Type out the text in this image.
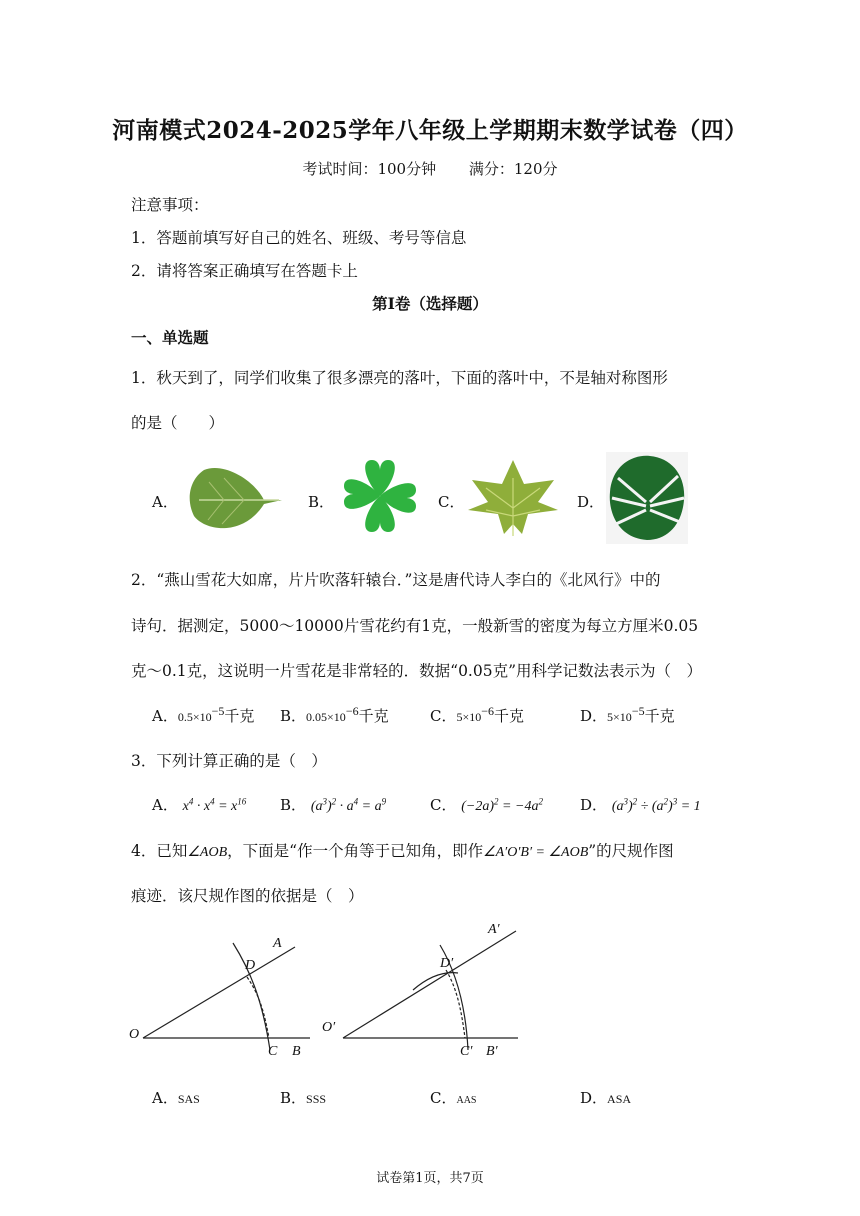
河南模式2024-2025学年八年级上学期期末数学试卷（四）
考试时间：100分钟 满分：120分
注意事项：
1．答题前填写好自己的姓名、班级、考号等信息
2．请将答案正确填写在答题卡上
第I卷（选择题）
一、单选题
1．秋天到了，同学们收集了很多漂亮的落叶，下面的落叶中，不是轴对称图形
的是（　　）
A．	B．	C．	D．
2．“燕山雪花大如席，片片吹落轩辕台．”这是唐代诗人李白的《北风行》中的
诗句．据测定，5000～10000片雪花约有1克，一般新雪的密度为每立方厘米0.05
克～0.1克，这说明一片雪花是非常轻的．数据“0.05克”用科学记数法表示为（　）
A．$0.5\times 10^{-5}$千克 B．$0.05\times 10^{-6}$千克	C．$5\times 10^{-6}$千克	D．$5\times 10^{-5}$千克
3．下列计算正确的是（　）
A． $x^4 \cdot x^4 = x^{16}$ B． $(a^3)^2 \cdot a^4 = a^9$	C． $(-2a)^2 = -4a^2$ D． $(a^3)^2 \div (a^2)^3 = 1$
4．已知∠AOB，下面是“作一个角等于已知角，即作∠A′O′B′ = ∠AOB”的尺规作图
痕迹．该尺规作图的依据是（　）
A
D
O
C B
A′
D′
O′
C′ B′
A．SAS	B．SSS	C．AAS	D．ASA
试卷第1页，共7页
